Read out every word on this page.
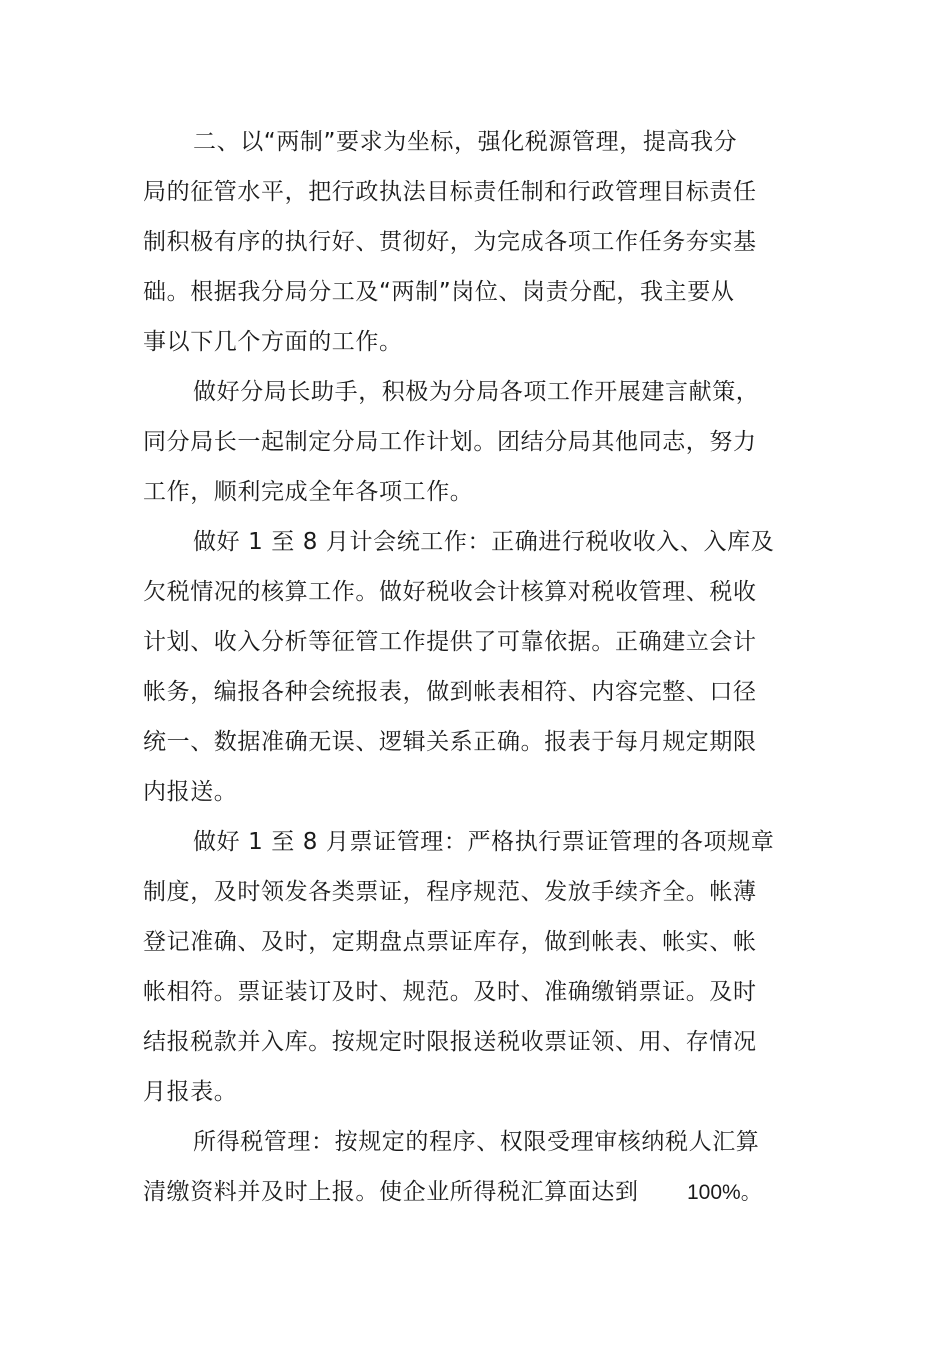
二、以“两制”要求为坐标，强化税源管理，提高我分
局的征管水平，把行政执法目标责任制和行政管理目标责任
制积极有序的执行好、贯彻好，为完成各项工作任务夯实基
础。根据我分局分工及“两制”岗位、岗责分配，我主要从
事以下几个方面的工作。
做好分局长助手，积极为分局各项工作开展建言献策，
同分局长一起制定分局工作计划。团结分局其他同志，努力
工作，顺利完成全年各项工作。
做好 1 至 8 月计会统工作：正确进行税收收入、入库及
欠税情况的核算工作。做好税收会计核算对税收管理、税收
计划、收入分析等征管工作提供了可靠依据。正确建立会计
帐务，编报各种会统报表，做到帐表相符、内容完整、口径
统一、数据准确无误、逻辑关系正确。报表于每月规定期限
内报送。
做好 1 至 8 月票证管理：严格执行票证管理的各项规章
制度，及时领发各类票证，程序规范、发放手续齐全。帐薄
登记准确、及时，定期盘点票证库存，做到帐表、帐实、帐
帐相符。票证装订及时、规范。及时、准确缴销票证。及时
结报税款并入库。按规定时限报送税收票证领、用、存情况
月报表。
所得税管理：按规定的程序、权限受理审核纳税人汇算
清缴资料并及时上报。使企业所得税汇算面达到 100%。
